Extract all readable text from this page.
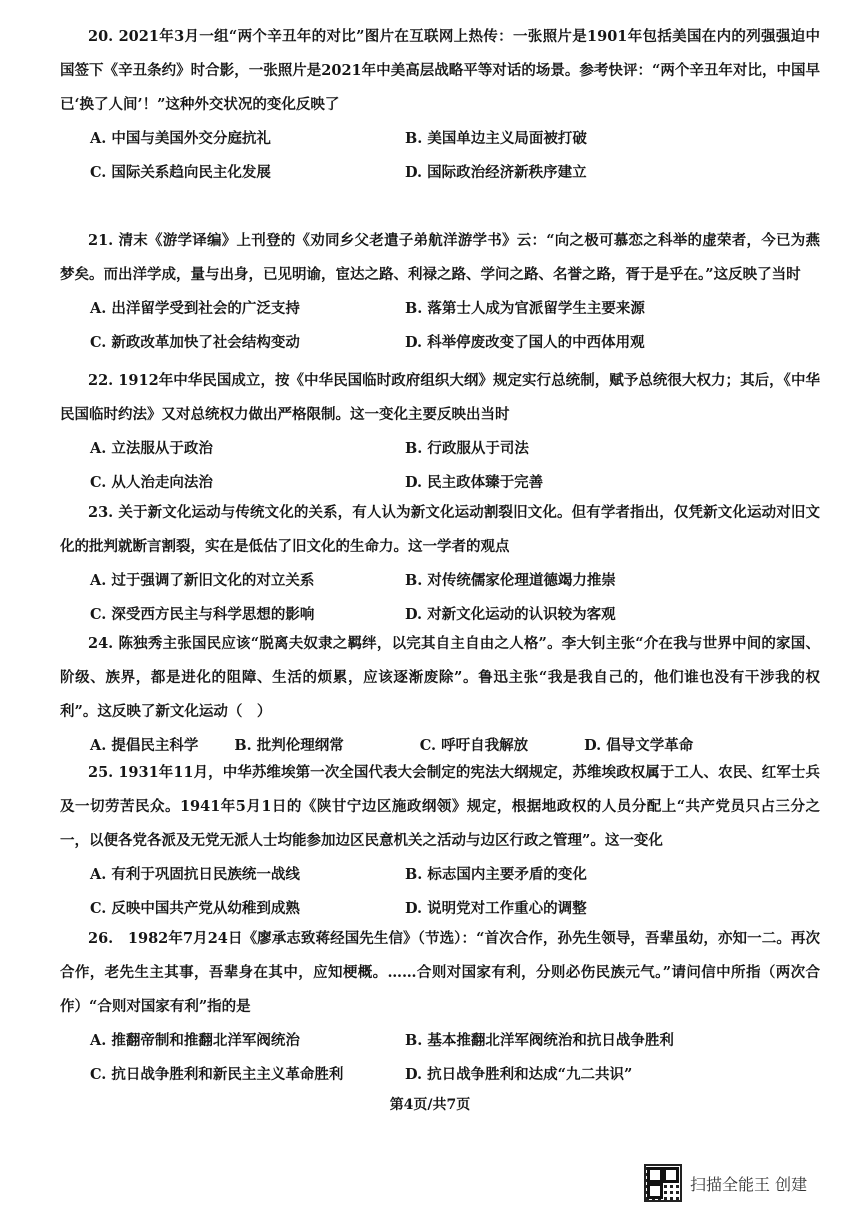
20. 2021年3月一组“两个辛丑年的对比”图片在互联网上热传：一张照片是1901年包括美国在内的列强强迫中国签下《辛丑条约》时合影，一张照片是2021年中美高层战略平等对话的场景。参考快评：“两个辛丑年对比，中国早已‘换了人间’！”这种外交状况的变化反映了

A. 中国与美国外交分庭抗礼	B. 美国单边主义局面被打破
C. 国际关系趋向民主化发展	D. 国际政治经济新秩序建立

21. 清末《游学译编》上刊登的《劝同乡父老遣子弟航洋游学书》云：“向之极可慕恋之科举的虚荣者，今已为燕梦矣。而出洋学成，量与出身，已见明谕，宦达之路、利禄之路、学问之路、名誉之路，胥于是乎在。”这反映了当时

A. 出洋留学受到社会的广泛支持	B. 落第士人成为官派留学生主要来源
C. 新政改革加快了社会结构变动	D. 科举停废改变了国人的中西体用观

22. 1912年中华民国成立，按《中华民国临时政府组织大纲》规定实行总统制，赋予总统很大权力；其后，《中华民国临时约法》又对总统权力做出严格限制。这一变化主要反映出当时

A. 立法服从于政治	B. 行政服从于司法
C. 从人治走向法治	D. 民主政体臻于完善

23. 关于新文化运动与传统文化的关系，有人认为新文化运动割裂旧文化。但有学者指出，仅凭新文化运动对旧文化的批判就断言割裂，实在是低估了旧文化的生命力。这一学者的观点

A. 过于强调了新旧文化的对立关系	B. 对传统儒家伦理道德竭力推崇
C. 深受西方民主与科学思想的影响	D. 对新文化运动的认识较为客观

24. 陈独秀主张国民应该“脱离夫奴隶之羁绊，以完其自主自由之人格”。李大钊主张“介在我与世界中间的家国、阶级、族界，都是进化的阻障、生活的烦累，应该逐渐废除”。鲁迅主张“我是我自己的，他们谁也没有干涉我的权利”。这反映了新文化运动（　）

A. 提倡民主科学 B. 批判伦理纲常	C. 呼吁自我解放	D. 倡导文学革命

25. 1931年11月，中华苏维埃第一次全国代表大会制定的宪法大纲规定，苏维埃政权属于工人、农民、红军士兵及一切劳苦民众。1941年5月1日的《陕甘宁边区施政纲领》规定，根据地政权的人员分配上“共产党员只占三分之一，以便各党各派及无党无派人士均能参加边区民意机关之活动与边区行政之管理”。这一变化

A. 有利于巩固抗日民族统一战线	B. 标志国内主要矛盾的变化
C. 反映中国共产党从幼稚到成熟	D. 说明党对工作重心的调整

26.　1982年7月24日《廖承志致蒋经国先生信》（节选）：“首次合作，孙先生领导，吾辈虽幼，亦知一二。再次合作，老先生主其事，吾辈身在其中，应知梗概。……合则对国家有利，分则必伤民族元气。”请问信中所指（两次合作）“合则对国家有利”指的是

A. 推翻帝制和推翻北洋军阀统治	B. 基本推翻北洋军阀统治和抗日战争胜利
C. 抗日战争胜利和新民主主义革命胜利	D. 抗日战争胜利和达成“九二共识”
第4页/共7页
扫描全能王 创建
